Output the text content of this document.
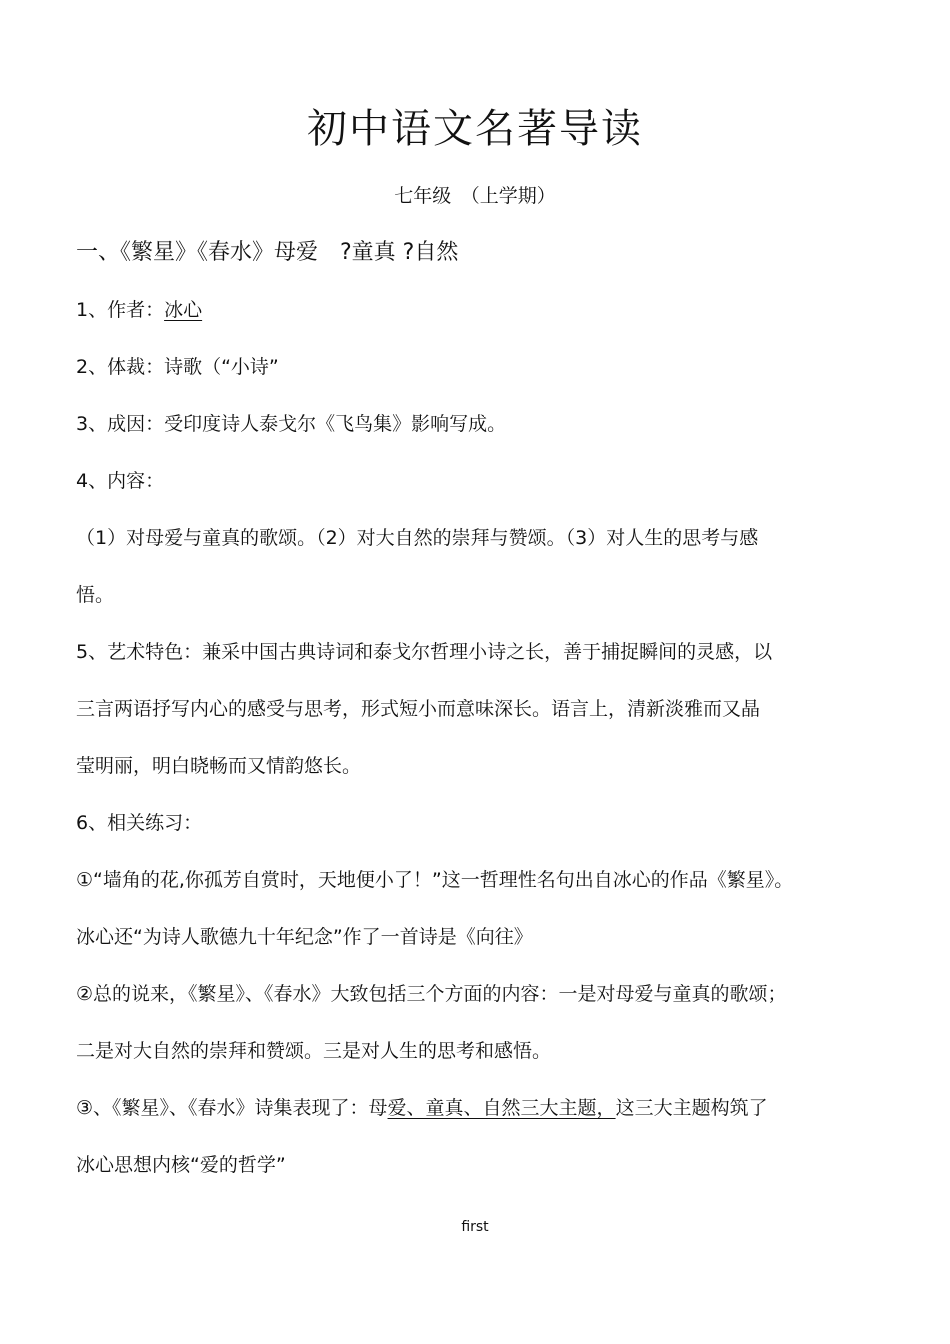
初中语文名著导读

七年级　（上学期）

一、《繁星》《春水》母爱　?童真 ?自然

1、作者：冰心

2、体裁：诗歌（“小诗”

3、成因：受印度诗人泰戈尔《飞鸟集》影响写成。

4、内容：

（1）对母爱与童真的歌颂。（2）对大自然的崇拜与赞颂。（3）对人生的思考与感

悟。

5、艺术特色：兼采中国古典诗词和泰戈尔哲理小诗之长，善于捕捉瞬间的灵感，以

三言两语抒写内心的感受与思考，形式短小而意味深长。语言上，清新淡雅而又晶

莹明丽，明白晓畅而又情韵悠长。

6、相关练习：

①“墙角的花,你孤芳自赏时，天地便小了！”这一哲理性名句出自冰心的作品《繁星》。

冰心还“为诗人歌德九十年纪念”作了一首诗是《向往》

②总的说来，《繁星》、《春水》大致包括三个方面的内容：一是对母爱与童真的歌颂；

二是对大自然的崇拜和赞颂。三是对人生的思考和感悟。

③、《繁星》、《春水》诗集表现了：母爱、童真、自然三大主题，这三大主题构筑了

冰心思想内核“爱的哲学”

first
